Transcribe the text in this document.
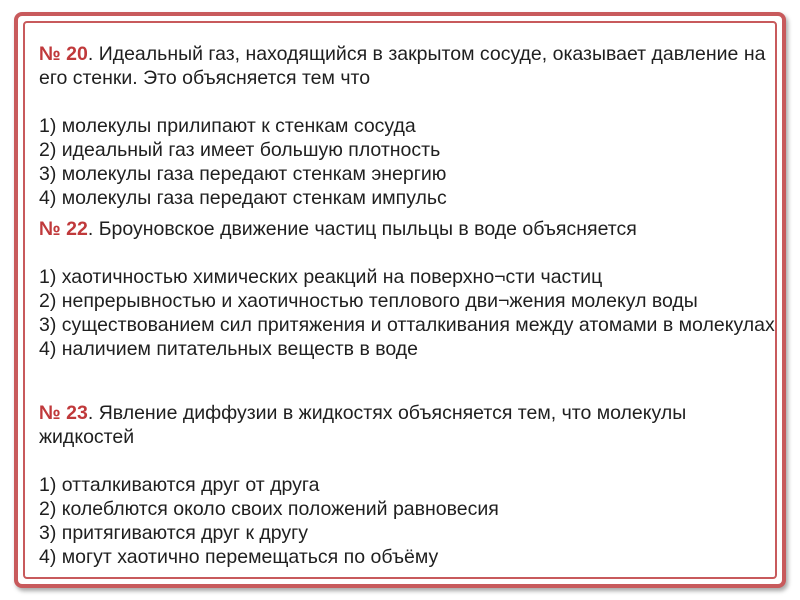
№ 20. Идеальный газ, находящийся в закрытом сосуде, оказывает давление на его стенки. Это объясняется тем что
1) молекулы прилипают к стенкам сосуда
2) идеальный газ имеет большую плотность
3) молекулы газа передают стенкам энергию
4) молекулы газа передают стенкам импульс
№ 22. Броуновское движение частиц пыльцы в воде объясняется
1) хаотичностью химических реакций на поверхно¬сти частиц
2) непрерывностью и хаотичностью теплового дви¬жения молекул воды
3) существованием сил притяжения и отталкивания между атомами в молекулах
4) наличием питательных веществ в воде
№ 23. Явление диффузии в жидкостях объясняется тем, что молекулы жидкостей
1) отталкиваются друг от друга
2) колеблются около своих положений равновесия
3) притягиваются друг к другу
4) могут хаотично перемещаться по объёму
